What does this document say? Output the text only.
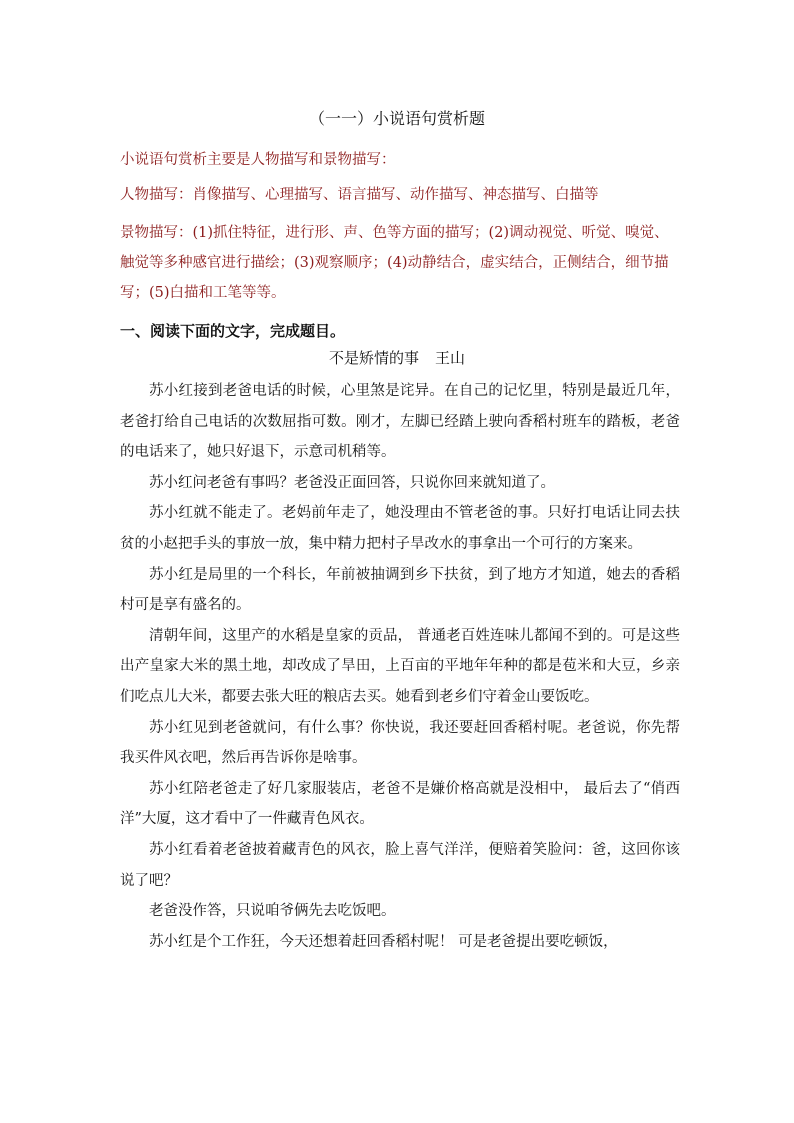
（一一）小说语句赏析题

小说语句赏析主要是人物描写和景物描写：

人物描写：肖像描写、心理描写、语言描写、动作描写、神态描写、白描等

景物描写：(1)抓住特征，进行形、声、色等方面的描写；(2)调动视觉、听觉、嗅觉、触觉等多种感官进行描绘；(3)观察顺序；(4)动静结合，虚实结合，正侧结合，细节描写；(5)白描和工笔等等。

一、阅读下面的文字，完成题目。
不是矫情的事 王山

苏小红接到老爸电话的时候，心里煞是诧异。在自己的记忆里，特别是最近几年，老爸打给自己电话的次数屈指可数。刚才，左脚已经踏上驶向香稻村班车的踏板，老爸的电话来了，她只好退下，示意司机稍等。

苏小红问老爸有事吗？老爸没正面回答，只说你回来就知道了。

苏小红就不能走了。老妈前年走了，她没理由不管老爸的事。只好打电话让同去扶贫的小赵把手头的事放一放，集中精力把村子旱改水的事拿出一个可行的方案来。

苏小红是局里的一个科长，年前被抽调到乡下扶贫，到了地方才知道，她去的香稻村可是享有盛名的。

清朝年间，这里产的水稻是皇家的贡品， 普通老百姓连味儿都闻不到的。可是这些出产皇家大米的黑土地，却改成了旱田，上百亩的平地年年种的都是苞米和大豆，乡亲们吃点儿大米，都要去张大旺的粮店去买。她看到老乡们守着金山要饭吃。

苏小红见到老爸就问，有什么事？你快说，我还要赶回香稻村呢。老爸说，你先帮我买件风衣吧，然后再告诉你是啥事。

苏小红陪老爸走了好几家服装店，老爸不是嫌价格高就是没相中， 最后去了“俏西洋”大厦，这才看中了一件藏青色风衣。

苏小红看着老爸披着藏青色的风衣，脸上喜气洋洋，便赔着笑脸问：爸，这回你该说了吧？

老爸没作答，只说咱爷俩先去吃饭吧。

苏小红是个工作狂，今天还想着赶回香稻村呢！ 可是老爸提出要吃顿饭，
